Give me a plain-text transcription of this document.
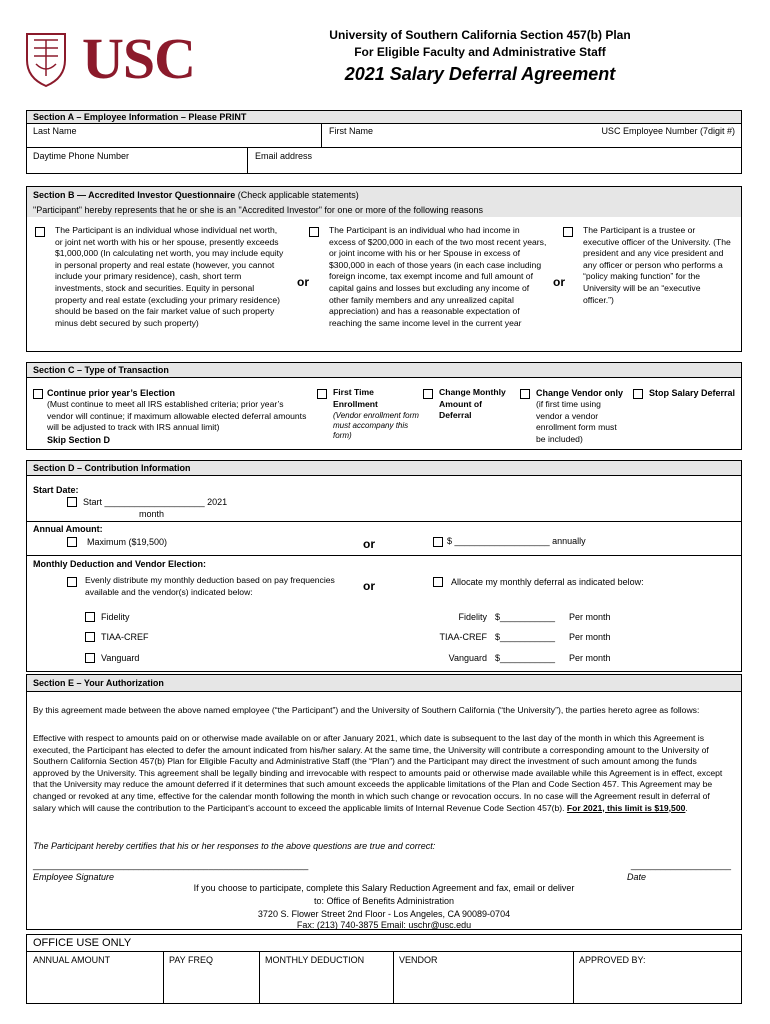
USC	University of Southern California Section 457(b) Plan
For Eligible Faculty and Administrative Staff
2021 Salary Deferral Agreement
Section A – Employee Information – Please PRINT
Last Name	First Name	USC Employee Number (7digit #)
Daytime Phone Number	Email address
Section B — Accredited Investor Questionnaire (Check applicable statements)
"Participant" hereby represents that he or she is an "Accredited Investor" for one or more of the following reasons
The Participant is an individual whose individual net worth, or joint net worth with his or her spouse, presently exceeds $1,000,000 (In calculating net worth, you may include equity in personal property and real estate (however, you cannot include your primary residence), cash, short term investments, stock and securities. Equity in personal property and real estate (excluding your primary residence) should be based on the fair market value of such property minus debt secured by such property)
or
The Participant is an individual who had income in excess of $200,000 in each of the two most recent years, or joint income with his or her Spouse in excess of $300,000 in each of those years (in each case including foreign income, tax exempt income and full amount of capital gains and losses but excluding any income of other family members and any unrealized capital appreciation) and has a reasonable expectation of reaching the same income level in the current year
or
The Participant is a trustee or executive officer of the University. (The president and any vice president and any officer or person who performs a “policy making function” for the University will be an “executive officer.”)
Section C – Type of Transaction
Continue prior year’s Election
(Must continue to meet all IRS established criteria; prior year’s vendor will continue; if maximum allowable elected deferral amounts will be adjusted to track with IRS annual limit)
Skip Section D
First Time Enrollment
(Vendor enrollment form must accompany this form)
Change Monthly Amount of Deferral
Change Vendor only
(if first time using vendor a vendor enrollment form must be included)
Stop Salary Deferral
Section D – Contribution Information
Start Date:
Start ____________________ 2021
month
Annual Amount:
Maximum ($19,500)	or	$ ___________________ annually
Monthly Deduction and Vendor Election:
Evenly distribute my monthly deduction based on pay frequencies available and the vendor(s) indicated below:	or	Allocate my monthly deferral as indicated below:
Fidelity
TIAA-CREF
Vanguard
Fidelity $___________ Per month
TIAA-CREF $___________ Per month
Vanguard $___________ Per month
Section E – Your Authorization
By this agreement made between the above named employee (“the Participant”) and the University of Southern California (“the University”), the parties hereto agree as follows:
Effective with respect to amounts paid on or otherwise made available on or after January 2021, which date is subsequent to the last day of the month in which this Agreement is executed, the Participant has elected to defer the amount indicated from his/her salary. At the same time, the University will contribute a corresponding amount to the University of Southern California Section 457(b) Plan for Eligible Faculty and Administrative Staff (the “Plan”) and the Participant may direct the investment of such amount among the funds approved by the University. This agreement shall be legally binding and irrevocable with respect to amounts paid or otherwise made available while this Agreement is in effect, except that the University may reduce the amount deferred if it determines that such amount exceeds the applicable limitations of the Plan and Code Section 457. This Agreement may be changed or revoked at any time, effective for the calendar month following the month in which such change or revocation occurs. In no case will the Agreement result in deferral of salary which will cause the contribution to the Participant’s account to exceed the applicable limits of Internal Revenue Code Section 457(b). For 2021, this limit is $19,500.
The Participant hereby certifies that his or her responses to the above questions are true and correct:
_______________________________________________________	____________________
Employee Signature	Date
If you choose to participate, complete this Salary Reduction Agreement and fax, email or deliver
to: Office of Benefits Administration
3720 S. Flower Street 2nd Floor - Los Angeles, CA 90089-0704
Fax: (213) 740-3875 Email: uschr@usc.edu
OFFICE USE ONLY
ANNUAL AMOUNT	PAY FREQ	MONTHLY DEDUCTION	VENDOR	APPROVED BY:
